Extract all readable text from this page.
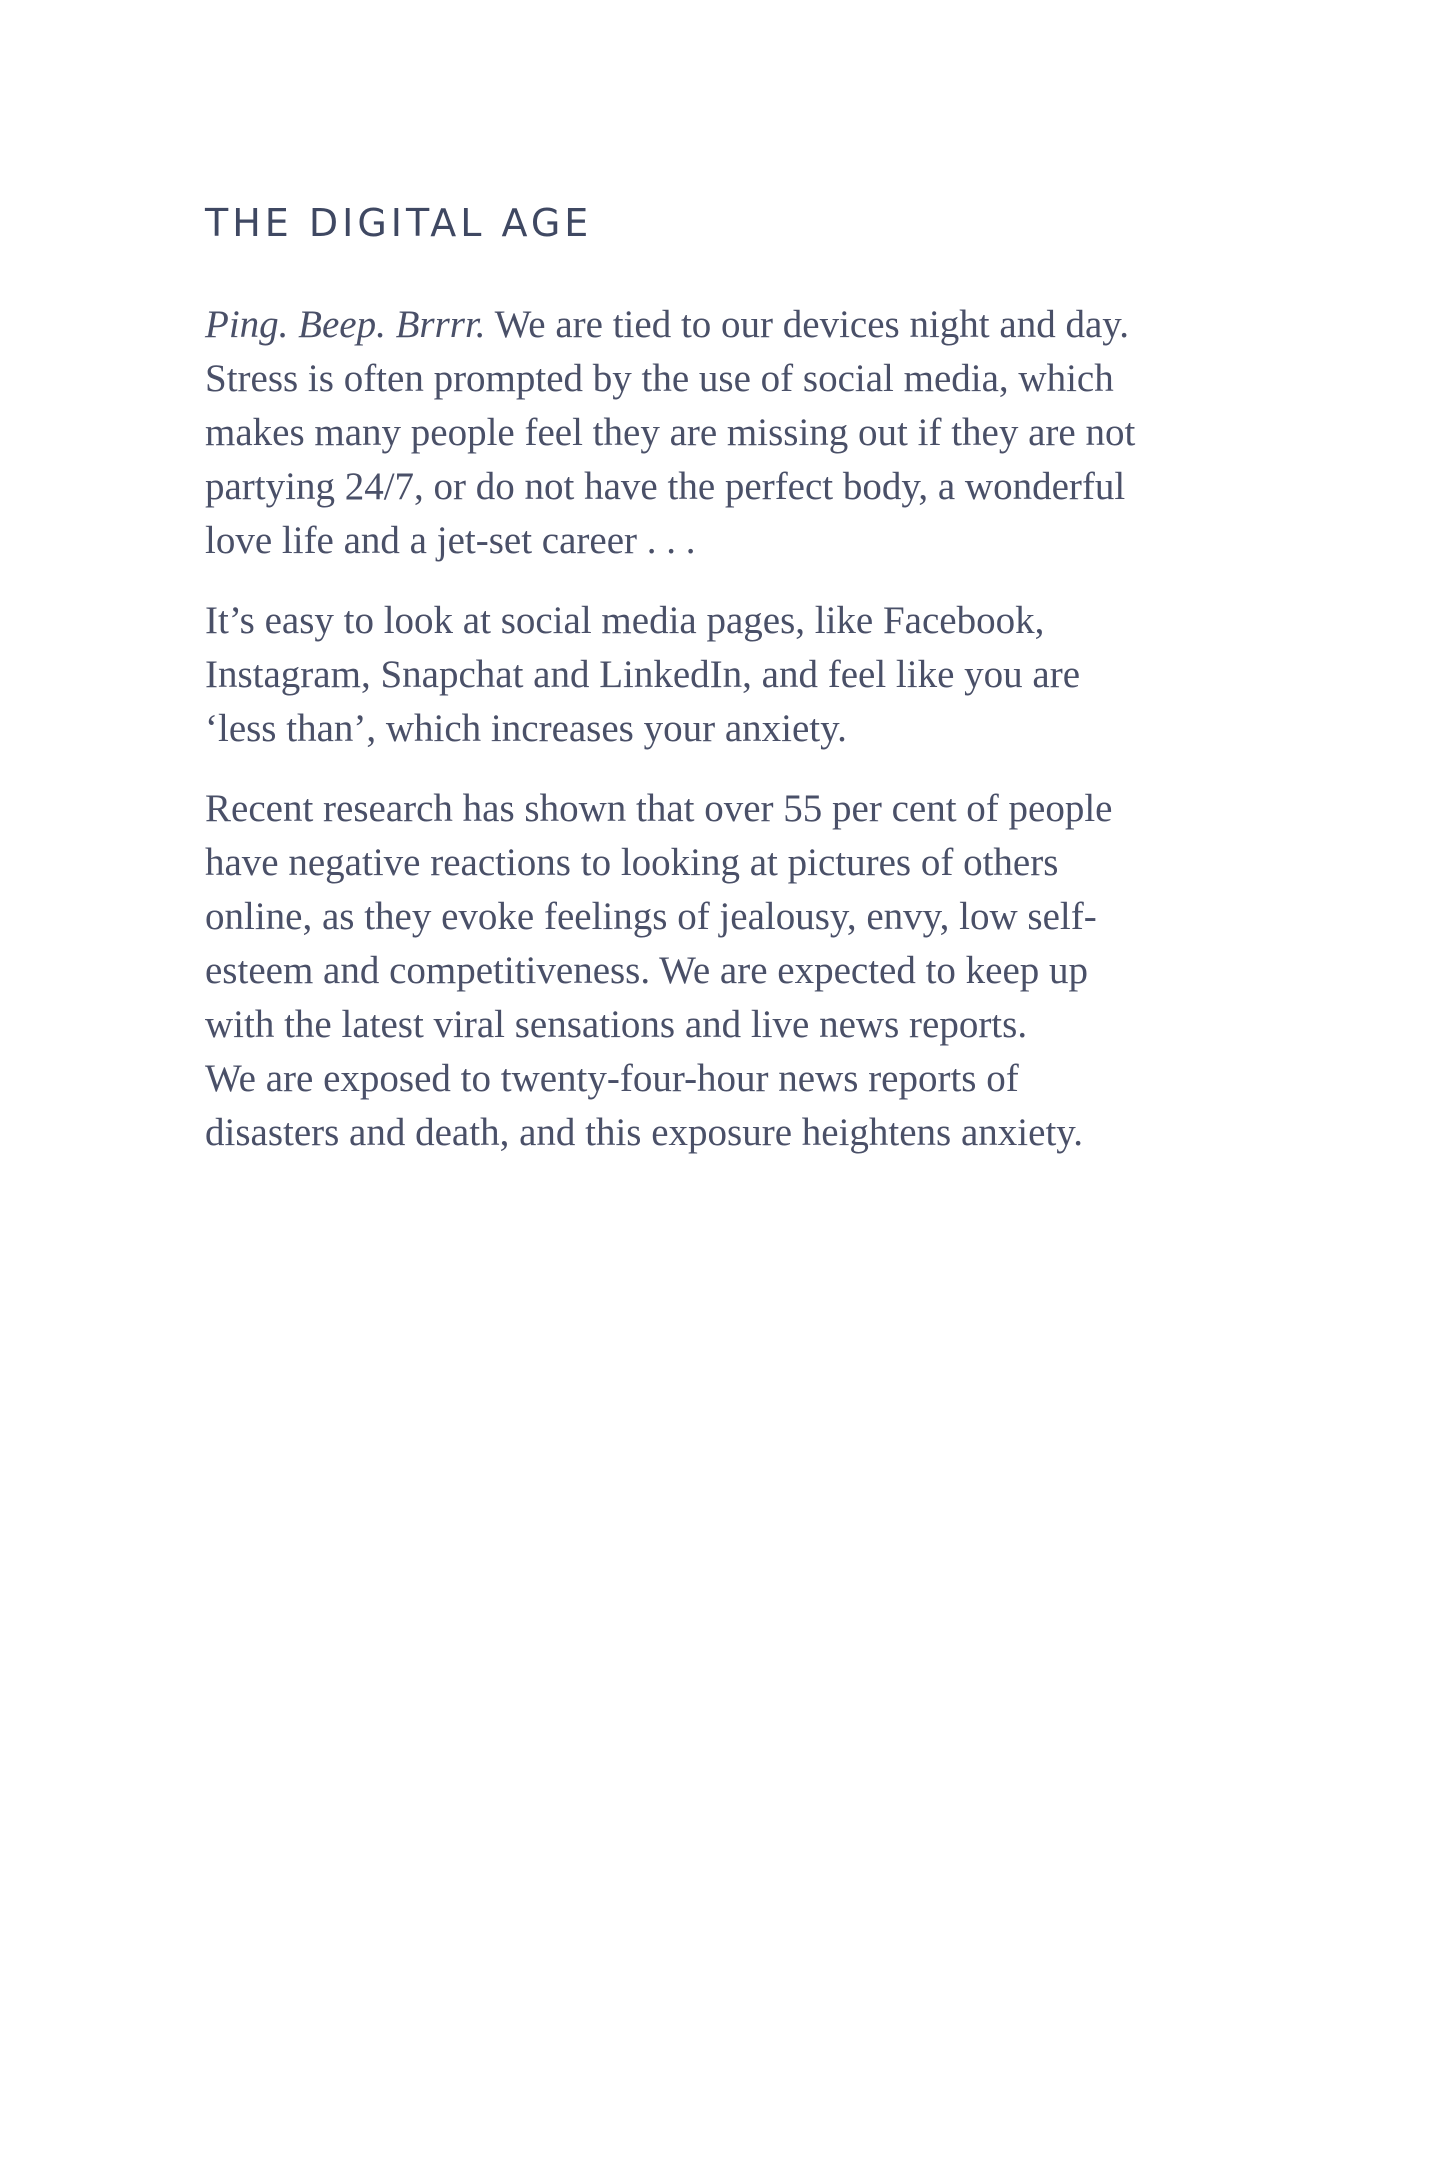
THE DIGITAL AGE

Ping. Beep. Brrrr. We are tied to our devices night and day.
Stress is often prompted by the use of social media, which
makes many people feel they are missing out if they are not
partying 24/7, or do not have the perfect body, a wonderful
love life and a jet-set career . . .

It’s easy to look at social media pages, like Facebook,
Instagram, Snapchat and LinkedIn, and feel like you are
‘less than’, which increases your anxiety.

Recent research has shown that over 55 per cent of people
have negative reactions to looking at pictures of others
online, as they evoke feelings of jealousy, envy, low self-
esteem and competitiveness. We are expected to keep up
with the latest viral sensations and live news reports.
We are exposed to twenty-four-hour news reports of
disasters and death, and this exposure heightens anxiety.
